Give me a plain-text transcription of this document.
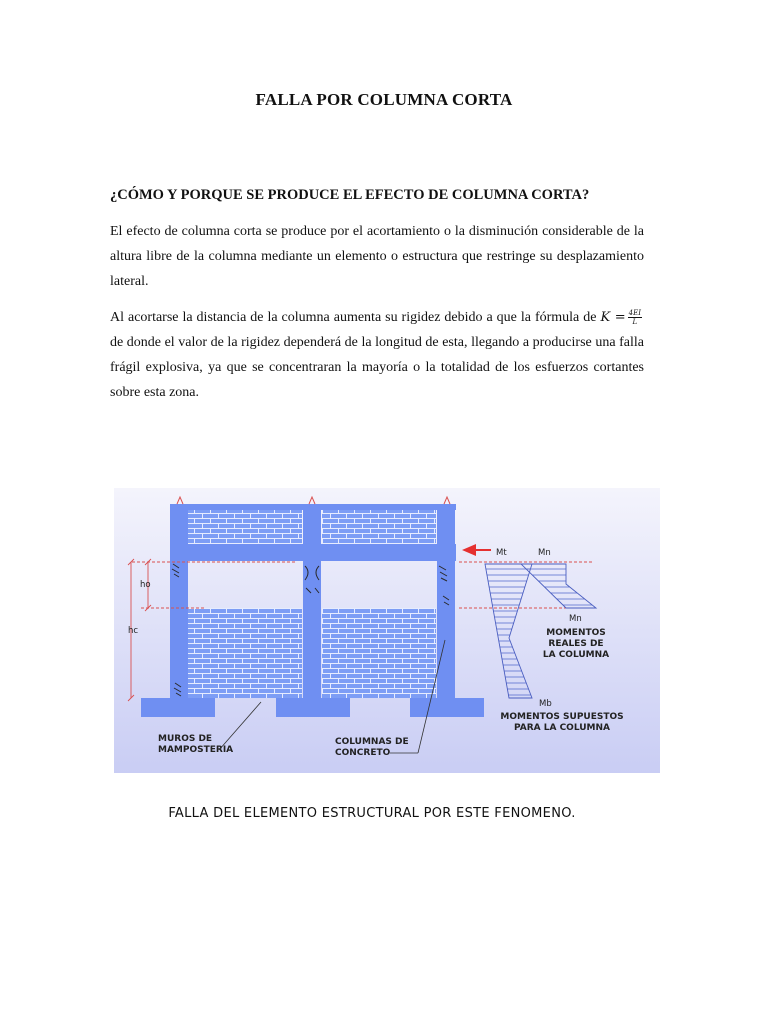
FALLA POR COLUMNA CORTA
¿CÓMO Y PORQUE SE PRODUCE EL EFECTO DE COLUMNA CORTA?
El efecto de columna corta se produce por el acortamiento o la disminución considerable de la altura libre de la columna mediante un elemento o estructura que restringe su desplazamiento lateral.
Al acortarse la distancia de la columna aumenta su rigidez debido a que la fórmula de $K = \frac{4EI}{L}$
de donde el valor de la rigidez dependerá de la longitud de esta, llegando a producirse una falla frágil explosiva, ya que se concentraran la mayoría o la totalidad de los esfuerzos cortantes sobre esta zona.
ho
hc
Mt	Mn
Mn
Mb
MOMENTOS
REALES DE
LA COLUMNA
MOMENTOS SUPUESTOS
PARA LA COLUMNA
MUROS DE
MAMPOSTERIA
COLUMNAS DE
CONCRETO
FALLA DEL ELEMENTO ESTRUCTURAL POR ESTE FENOMENO.
